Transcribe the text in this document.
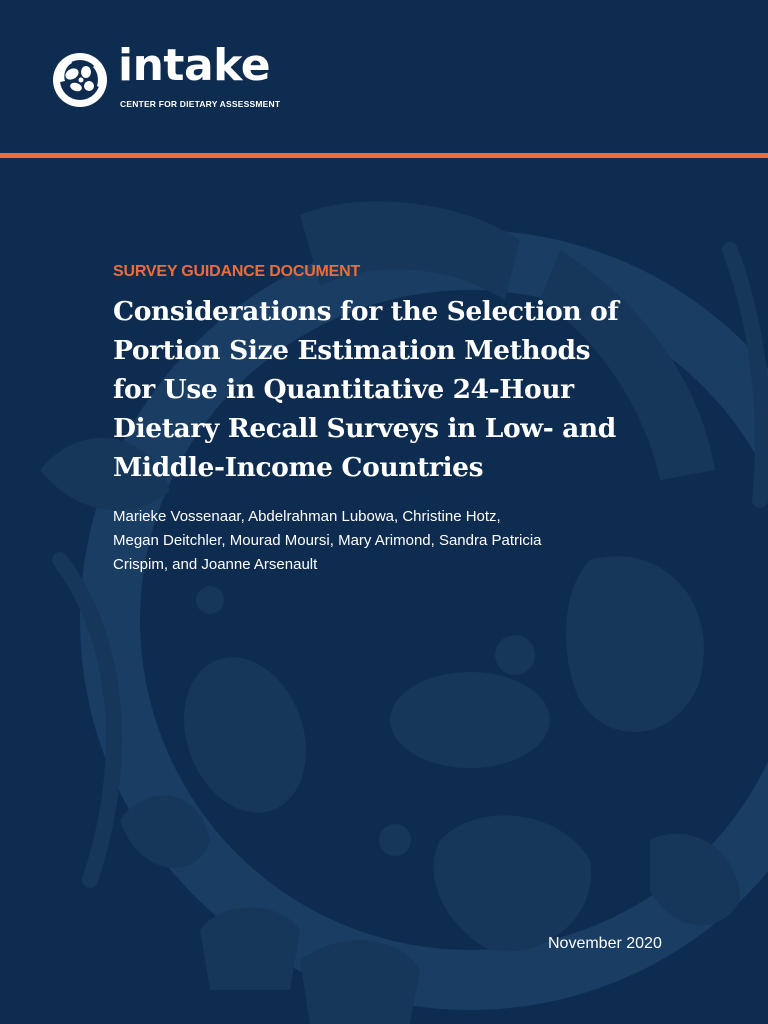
intake
CENTER FOR DIETARY ASSESSMENT
SURVEY GUIDANCE DOCUMENT
Considerations for the Selection of
Portion Size Estimation Methods
for Use in Quantitative 24-Hour
Dietary Recall Surveys in Low- and
Middle-Income Countries
Marieke Vossenaar, Abdelrahman Lubowa, Christine Hotz,
Megan Deitchler, Mourad Moursi, Mary Arimond, Sandra Patricia
Crispim, and Joanne Arsenault
November 2020
